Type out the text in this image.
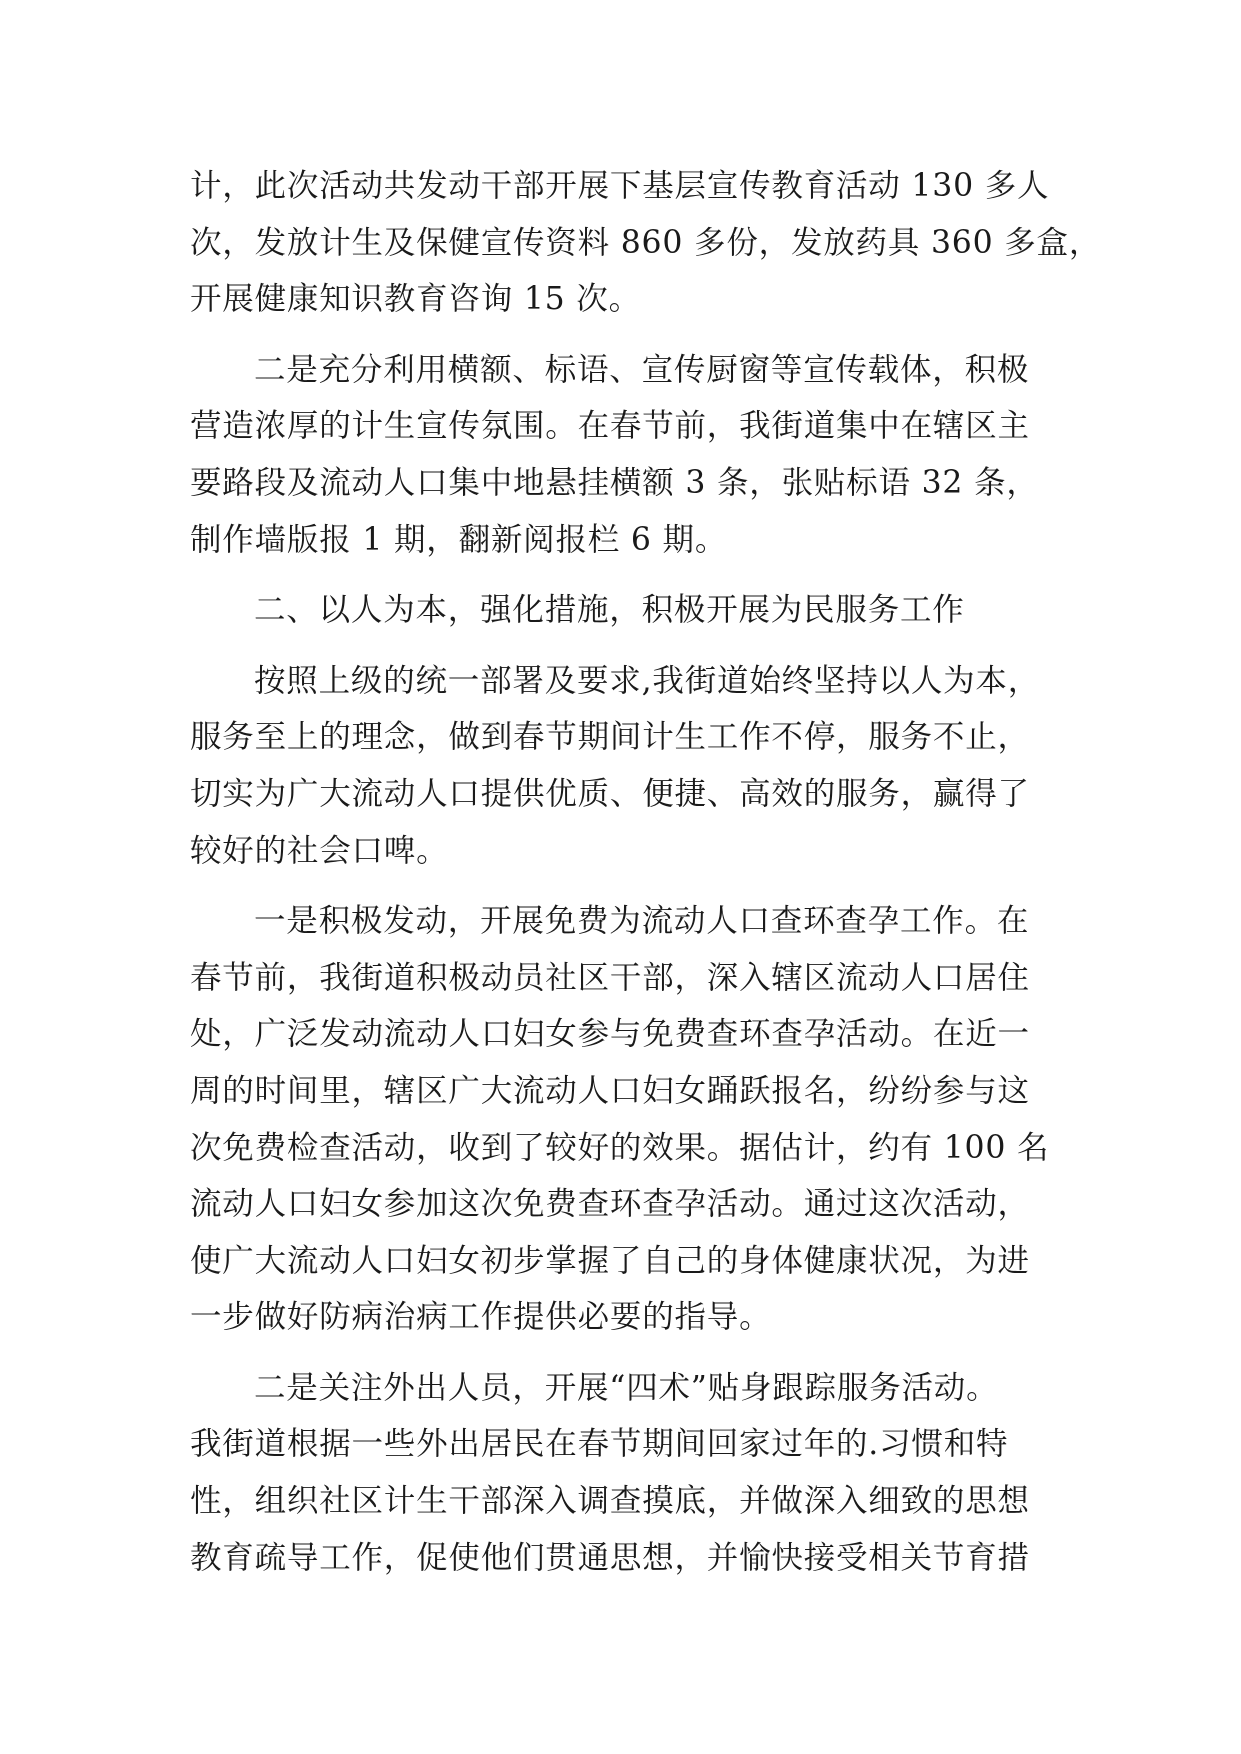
计，此次活动共发动干部开展下基层宣传教育活动 130 多人
次，发放计生及保健宣传资料 860 多份，发放药具 360 多盒，
开展健康知识教育咨询 15 次。
二是充分利用横额、标语、宣传厨窗等宣传载体，积极
营造浓厚的计生宣传氛围。在春节前，我街道集中在辖区主
要路段及流动人口集中地悬挂横额 3 条，张贴标语 32 条，
制作墙版报 1 期，翻新阅报栏 6 期。
二、以人为本，强化措施，积极开展为民服务工作
按照上级的统一部署及要求,我街道始终坚持以人为本，
服务至上的理念，做到春节期间计生工作不停，服务不止，
切实为广大流动人口提供优质、便捷、高效的服务，赢得了
较好的社会口啤。
一是积极发动，开展免费为流动人口查环查孕工作。在
春节前，我街道积极动员社区干部，深入辖区流动人口居住
处，广泛发动流动人口妇女参与免费查环查孕活动。在近一
周的时间里，辖区广大流动人口妇女踊跃报名，纷纷参与这
次免费检查活动，收到了较好的效果。据估计，约有 100 名
流动人口妇女参加这次免费查环查孕活动。通过这次活动，
使广大流动人口妇女初步掌握了自己的身体健康状况，为进
一步做好防病治病工作提供必要的指导。
二是关注外出人员，开展“四术”贴身跟踪服务活动。
我街道根据一些外出居民在春节期间回家过年的.习惯和特
性，组织社区计生干部深入调查摸底，并做深入细致的思想
教育疏导工作，促使他们贯通思想，并愉快接受相关节育措
